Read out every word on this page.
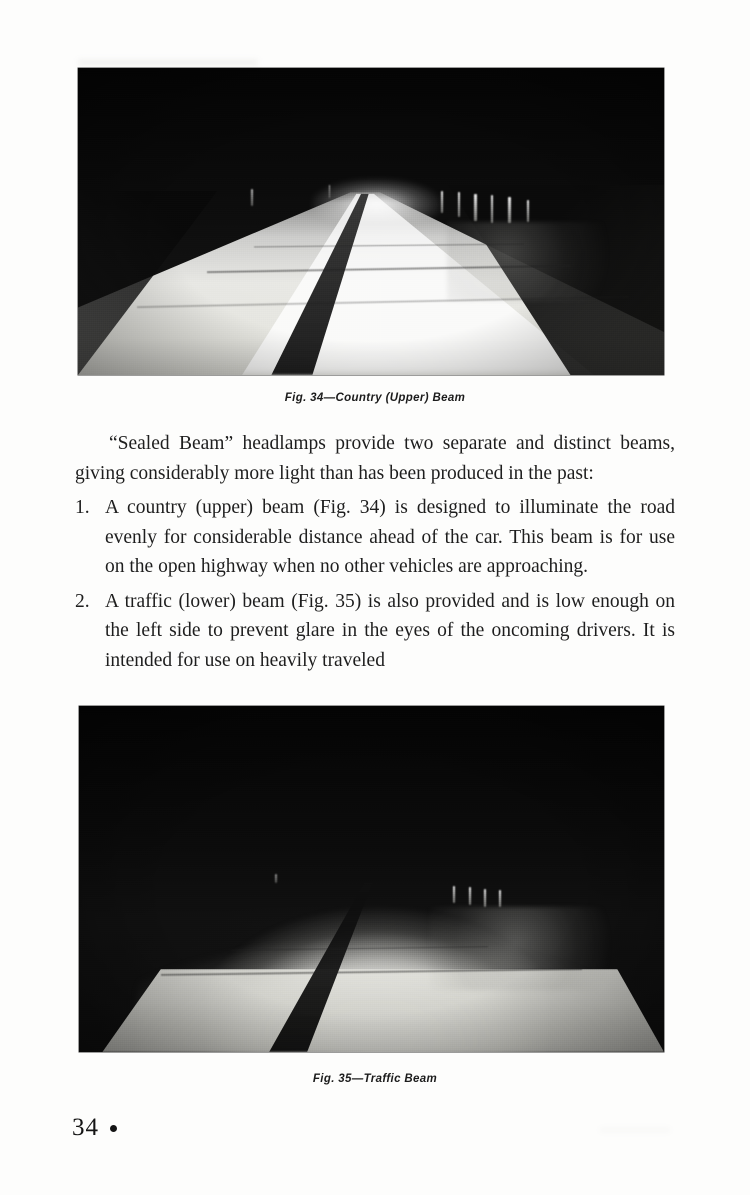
Fig. 34—Country (Upper) Beam

“Sealed Beam” headlamps provide two separate and distinct beams, giving considerably more light than has been produced in the past:

1. A country (upper) beam (Fig. 34) is designed to illuminate the road evenly for considerable distance ahead of the car. This beam is for use on the open highway when no other vehicles are approaching.
2. A traffic (lower) beam (Fig. 35) is also provided and is low enough on the left side to prevent glare in the eyes of the oncoming drivers. It is intended for use on heavily traveled
Fig. 35—Traffic Beam
34
